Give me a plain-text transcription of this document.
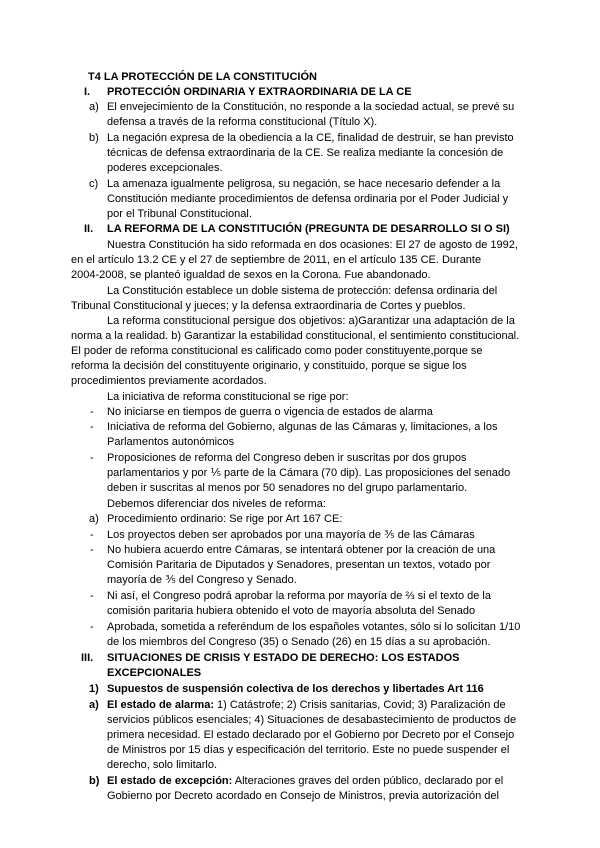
T4 LA PROTECCIÓN DE LA CONSTITUCIÓN
I. PROTECCIÓN ORDINARIA Y EXTRAORDINARIA DE LA CE
a) El envejecimiento de la Constitución, no responde a la sociedad actual, se prevé su
defensa a través de la reforma constitucional (Título X).
b) La negación expresa de la obediencia a la CE, finalidad de destruir, se han previsto
técnicas de defensa extraordinaria de la CE. Se realiza mediante la concesión de
poderes excepcionales.
c) La amenaza igualmente peligrosa, su negación, se hace necesario defender a la
Constitución mediante procedimientos de defensa ordinaria por el Poder Judicial y
por el Tribunal Constitucional.
II. LA REFORMA DE LA CONSTITUCIÓN (PREGUNTA DE DESARROLLO SI O SI)
Nuestra Constitución ha sido reformada en dos ocasiones: El 27 de agosto de 1992,
en el artículo 13.2 CE y el 27 de septiembre de 2011, en el artículo 135 CE. Durante
2004-2008, se planteó igualdad de sexos en la Corona. Fue abandonado.
La Constitución establece un doble sistema de protección: defensa ordinaria del
Tribunal Constitucional y jueces; y la defensa extraordinaria de Cortes y pueblos.
La reforma constitucional persigue dos objetivos: a)Garantizar una adaptación de la
norma a la realidad. b) Garantizar la estabilidad constitucional, el sentimiento constitucional.
El poder de reforma constitucional es calificado como poder constituyente,porque se
reforma la decisión del constituyente originario, y constituido, porque se sigue los
procedimientos previamente acordados.
La iniciativa de reforma constitucional se rige por:
- No iniciarse en tiempos de guerra o vigencia de estados de alarma
- Iniciativa de reforma del Gobierno, algunas de las Cámaras y, limitaciones, a los
Parlamentos autonómicos
- Proposiciones de reforma del Congreso deben ir suscritas por dos grupos
parlamentarios y por ⅕ parte de la Cámara (70 dip). Las proposiciones del senado
deben ir suscritas al menos por 50 senadores no del grupo parlamentario.
Debemos diferenciar dos niveles de reforma:
a) Procedimiento ordinario: Se rige por Art 167 CE:
- Los proyectos deben ser aprobados por una mayoría de ⅗ de las Cámaras
- No hubiera acuerdo entre Cámaras, se intentará obtener por la creación de una
Comisión Paritaria de Diputados y Senadores, presentan un textos, votado por
mayoría de ⅗ del Congreso y Senado.
- Ni así, el Congreso podrá aprobar la reforma por mayoría de ⅔ si el texto de la
comisión paritaria hubiera obtenido el voto de mayoría absoluta del Senado
- Aprobada, sometida a referéndum de los españoles votantes, sólo si lo solicitan 1/10
de los miembros del Congreso (35) o Senado (26) en 15 días a su aprobación.
III. SITUACIONES DE CRISIS Y ESTADO DE DERECHO: LOS ESTADOS
EXCEPCIONALES
1) Supuestos de suspensión colectiva de los derechos y libertades Art 116
a) El estado de alarma: 1) Catástrofe; 2) Crisis sanitarias, Covid; 3) Paralización de
servicios públicos esenciales; 4) Situaciones de desabastecimiento de productos de
primera necesidad. El estado declarado por el Gobierno por Decreto por el Consejo
de Ministros por 15 días y especificación del territorio. Este no puede suspender el
derecho, solo limitarlo.
b) El estado de excepción: Alteraciones graves del orden público, declarado por el
Gobierno por Decreto acordado en Consejo de Ministros, previa autorización del
